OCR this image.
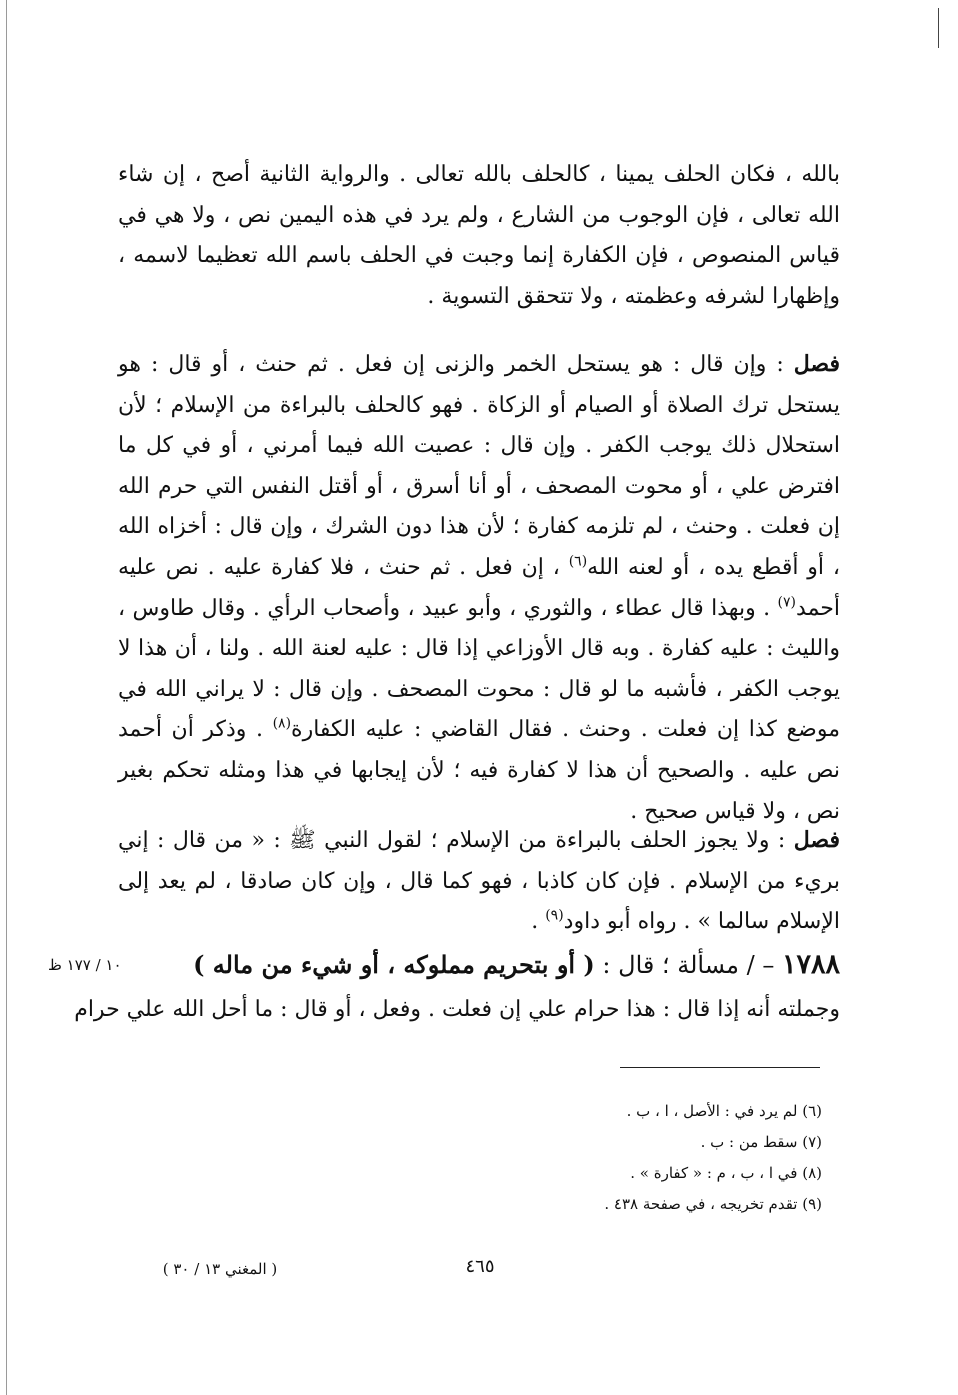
بالله ، فكان الحلف يمينا ، كالحلف بالله تعالى . والرواية الثانية أصح ، إن شاء الله تعالى ، فإن الوجوب من الشارع ، ولم يرد في هذه اليمين نص ، ولا هي في قياس المنصوص ، فإن الكفارة إنما وجبت في الحلف باسم الله تعظيما لاسمه ، وإظهارا لشرفه وعظمته ، ولا تتحقق التسوية .

فصل : وإن قال : هو يستحل الخمر والزنى إن فعل . ثم حنث ، أو قال : هو يستحل ترك الصلاة أو الصيام أو الزكاة . فهو كالحلف بالبراءة من الإسلام ؛ لأن استحلال ذلك يوجب الكفر . وإن قال : عصيت الله فيما أمرني ، أو في كل ما افترض علي ، أو محوت المصحف ، أو أنا أسرق ، أو أقتل النفس التي حرم الله إن فعلت . وحنث ، لم تلزمه كفارة ؛ لأن هذا دون الشرك ، وإن قال : أخزاه الله ، أو أقطع يده ، أو لعنه الله$^{(٦)}$ ، إن فعل . ثم حنث ، فلا كفارة عليه . نص عليه أحمد$^{(٧)}$ . وبهذا قال عطاء ، والثوري ، وأبو عبيد ، وأصحاب الرأي . وقال طاوس ، والليث : عليه كفارة . وبه قال الأوزاعي إذا قال : عليه لعنة الله . ولنا ، أن هذا لا يوجب الكفر ، فأشبه ما لو قال : محوت المصحف . وإن قال : لا يراني الله في موضع كذا إن فعلت . وحنث . فقال القاضي : عليه الكفارة$^{(٨)}$ . وذكر أن أحمد نص عليه . والصحيح أن هذا لا كفارة فيه ؛ لأن إيجابها في هذا ومثله تحكم بغير نص ، ولا قياس صحيح .

فصل : ولا يجوز الحلف بالبراءة من الإسلام ؛ لقول النبي ﷺ : « من قال : إني بريء من الإسلام . فإن كان كاذبا ، فهو كما قال ، وإن كان صادقا ، لم يعد إلى الإسلام سالما » . رواه أبو داود$^{(٩)}$ .

١٧٨٨ – / مسألة ؛ قال : ( أو بتحريم مملوكه ، أو شيء من ماله )
١٠ / ١٧٧ ظ
وجملته أنه إذا قال : هذا حرام علي إن فعلت . وفعل ، أو قال : ما أحل الله علي حرام
(٦) لم يرد في : الأصل ، ا ، ب .
(٧) سقط من : ب .
(٨) في ا ، ب ، م : « كفارة » .
(٩) تقدم تخريجه ، في صفحة ٤٣٨ .
٤٦٥
( المغني ١٣ / ٣٠ )
